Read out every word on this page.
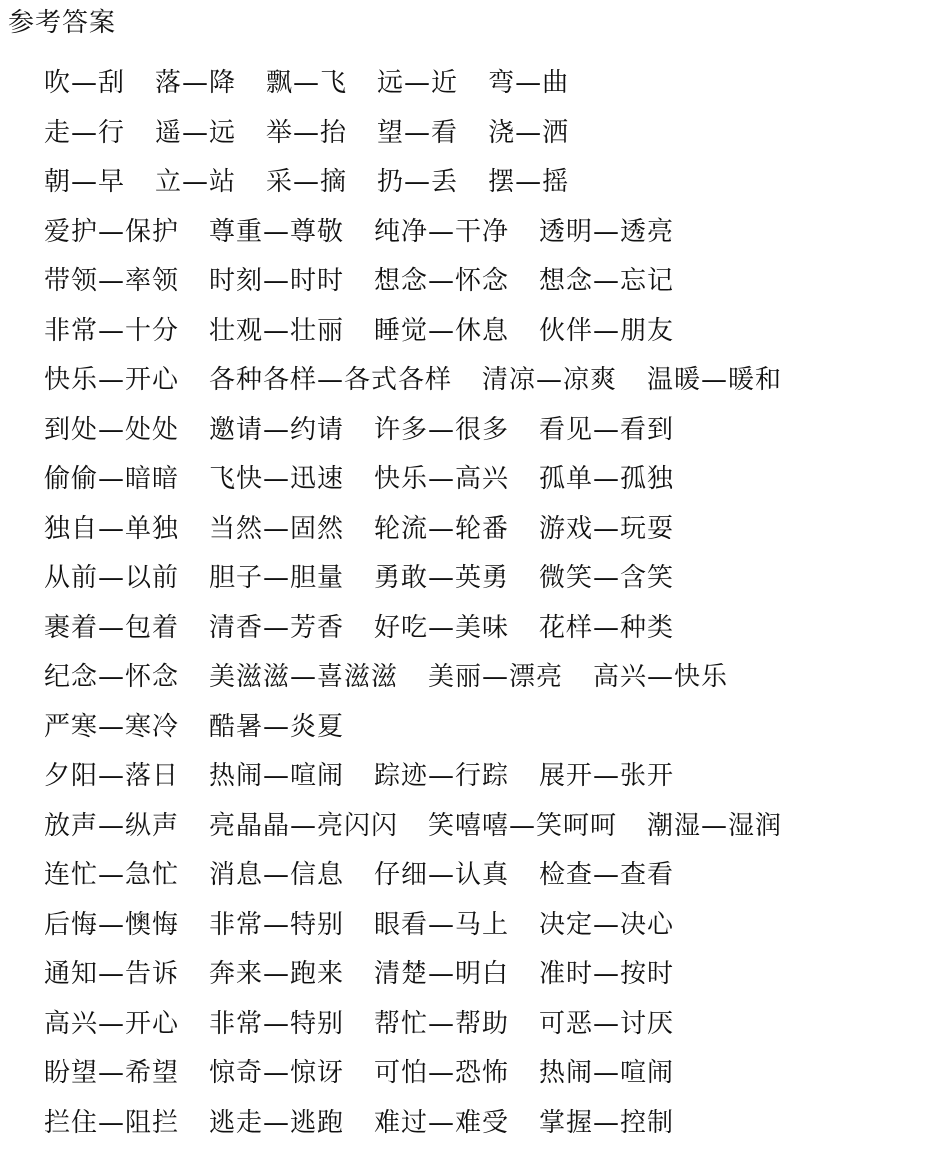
参考答案
吹—刮 落—降 飘—飞 远—近 弯—曲
走—行 遥—远 举—抬 望—看 浇—洒
朝—早 立—站 采—摘 扔—丢 摆—摇
爱护—保护 尊重—尊敬 纯净—干净 透明—透亮
带领—率领 时刻—时时 想念—怀念 想念—忘记
非常—十分 壮观—壮丽 睡觉—休息 伙伴—朋友
快乐—开心 各种各样—各式各样 清凉—凉爽 温暖—暖和
到处—处处 邀请—约请 许多—很多 看见—看到
偷偷—暗暗 飞快—迅速 快乐—高兴 孤单—孤独
独自—单独 当然—固然 轮流—轮番 游戏—玩耍
从前—以前 胆子—胆量 勇敢—英勇 微笑—含笑
裹着—包着 清香—芳香 好吃—美味 花样—种类
纪念—怀念 美滋滋—喜滋滋 美丽—漂亮 高兴—快乐
严寒—寒冷 酷暑—炎夏
夕阳—落日 热闹—喧闹 踪迹—行踪 展开—张开
放声—纵声 亮晶晶—亮闪闪 笑嘻嘻—笑呵呵 潮湿—湿润
连忙—急忙 消息—信息 仔细—认真 检查—查看
后悔—懊悔 非常—特别 眼看—马上 决定—决心
通知—告诉 奔来—跑来 清楚—明白 准时—按时
高兴—开心 非常—特别 帮忙—帮助 可恶—讨厌
盼望—希望 惊奇—惊讶 可怕—恐怖 热闹—喧闹
拦住—阻拦 逃走—逃跑 难过—难受 掌握—控制
